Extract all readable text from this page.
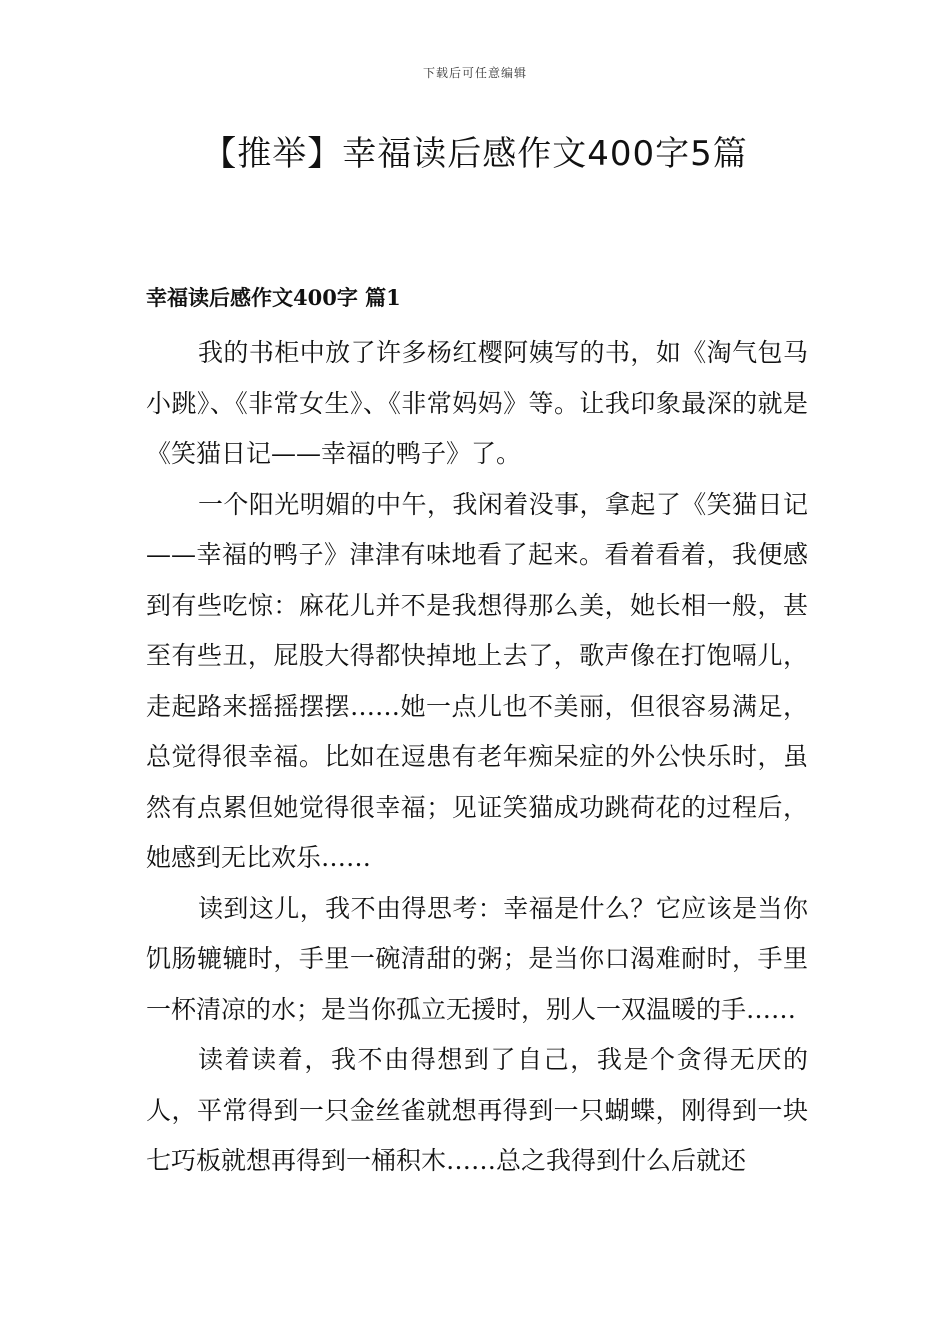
下载后可任意编辑
【推举】幸福读后感作文400字5篇
幸福读后感作文400字 篇1

我的书柜中放了许多杨红樱阿姨写的书，如《淘气包马小跳》、《非常女生》、《非常妈妈》等。让我印象最深的就是《笑猫日记——幸福的鸭子》了。

一个阳光明媚的中午，我闲着没事，拿起了《笑猫日记——幸福的鸭子》津津有味地看了起来。看着看着，我便感到有些吃惊：麻花儿并不是我想得那么美，她长相一般，甚至有些丑，屁股大得都快掉地上去了，歌声像在打饱嗝儿，走起路来摇摇摆摆……她一点儿也不美丽，但很容易满足，总觉得很幸福。比如在逗患有老年痴呆症的外公快乐时，虽然有点累但她觉得很幸福；见证笑猫成功跳荷花的过程后，她感到无比欢乐……

读到这儿，我不由得思考：幸福是什么？它应该是当你饥肠辘辘时，手里一碗清甜的粥；是当你口渴难耐时，手里一杯清凉的水；是当你孤立无援时，别人一双温暖的手……

读着读着，我不由得想到了自己，我是个贪得无厌的人，平常得到一只金丝雀就想再得到一只蝴蝶，刚得到一块七巧板就想再得到一桶积木……总之我得到什么后就还
